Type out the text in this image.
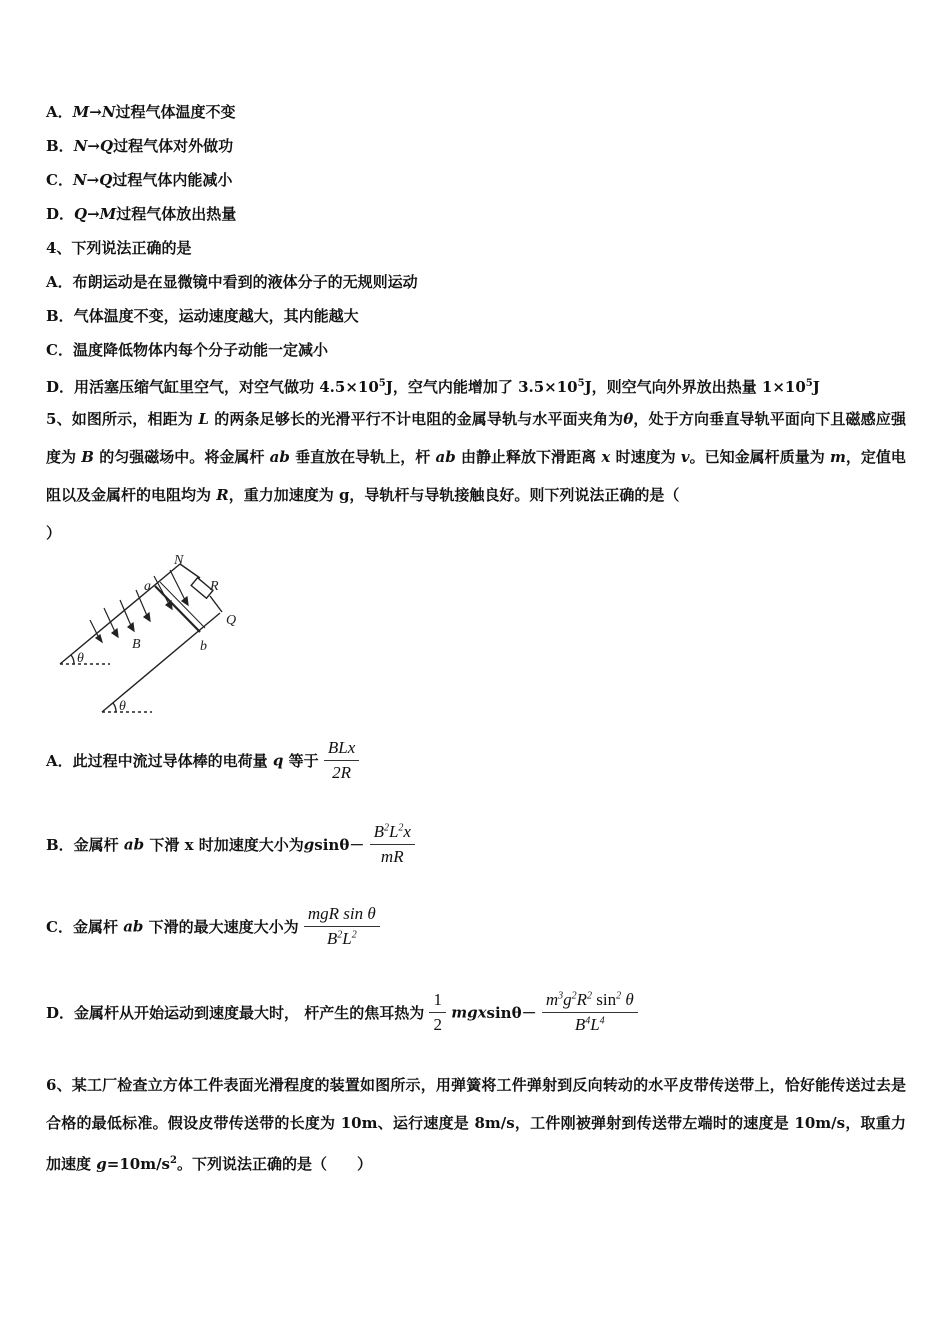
A．M→N过程气体温度不变
B．N→Q过程气体对外做功
C．N→Q过程气体内能减小
D．Q→M过程气体放出热量
4、下列说法正确的是
A．布朗运动是在显微镜中看到的液体分子的无规则运动
B．气体温度不变，运动速度越大，其内能越大
C．温度降低物体内每个分子动能一定减小
D．用活塞压缩气缸里空气，对空气做功 $4.5\times 10^5J$，空气内能增加了 $3.5\times 10^5J$，则空气向外界放出热量 $1\times 10^5J$
5、如图所示，相距为 L 的两条足够长的光滑平行不计电阻的金属导轨与水平面夹角为θ，处于方向垂直导轨平面向下且磁感应强度为 B 的匀强磁场中。将金属杆 ab 垂直放在导轨上，杆 ab 由静止释放下滑距离 x 时速度为 v。已知金属杆质量为 m，定值电阻以及金属杆的电阻均为 R，重力加速度为 g，导轨杆与导轨接触良好。则下列说法正确的是（
）
N
R
a
Q
B	b
θ
θ
A．此过程中流过导体棒的电荷量 q 等于 $\frac{\text{BLx}}{2R}$
B．金属杆 ab 下滑 x 时加速度大小为$gsin\theta- \frac{B^2L^2x}{mR}$
C．金属杆 ab 下滑的最大速度大小为 $\frac{\text{mgR sin θ}}{B^2L^2}$
D．金属杆从开始运动到速度最大时， 杆产生的焦耳热为 $\frac{1}{2} mgxsin\theta- \frac{m^3g^2R^2 \sin^2 \theta}{B^4L^4}$
6、某工厂检查立方体工件表面光滑程度的装置如图所示，用弹簧将工件弹射到反向转动的水平皮带传送带上，恰好能传送过去是合格的最低标准。假设皮带传送带的长度为 10m、运行速度是 8m/s，工件刚被弹射到传送带左端时的速度是 10m/s，取重力加速度 $g=10m/s^2$。下列说法正确的是（　　）
